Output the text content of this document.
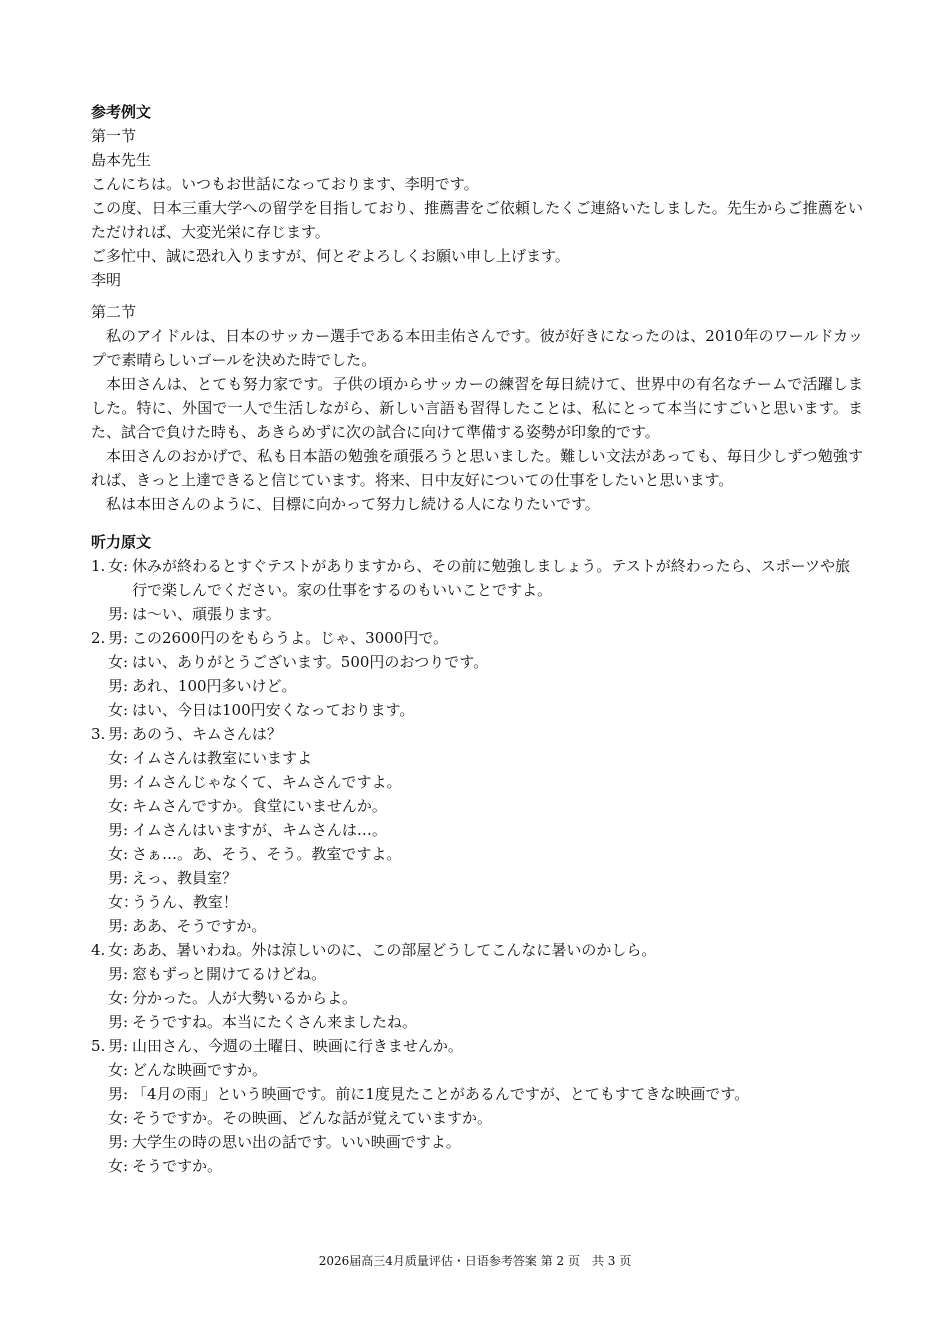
参考例文
第一节
島本先生
こんにちは。いつもお世話になっております、李明です。
この度、日本三重大学への留学を目指しており、推薦書をご依頼したくご連絡いたしました。先生からご推薦をいただければ、大変光栄に存じます。
ご多忙中、誠に恐れ入りますが、何とぞよろしくお願い申し上げます。
李明
第二节
私のアイドルは、日本のサッカー選手である本田圭佑さんです。彼が好きになったのは、2010年のワールドカップで素晴らしいゴールを決めた時でした。
本田さんは、とても努力家です。子供の頃からサッカーの練習を毎日続けて、世界中の有名なチームで活躍しました。特に、外国で一人で生活しながら、新しい言語も習得したことは、私にとって本当にすごいと思います。また、試合で負けた時も、あきらめずに次の試合に向けて準備する姿勢が印象的です。
本田さんのおかげで、私も日本語の勉強を頑張ろうと思いました。難しい文法があっても、毎日少しずつ勉強すれば、きっと上達できると信じています。将来、日中友好についての仕事をしたいと思います。
私は本田さんのように、目標に向かって努力し続ける人になりたいです。
听力原文
1. 女: 休みが終わるとすぐテストがありますから、その前に勉強しましょう。テストが終わったら、スポーツや旅行で楽しんでください。家の仕事をするのもいいことですよ。
男: は～い、頑張ります。
2. 男: この2600円のをもらうよ。じゃ、3000円で。
女: はい、ありがとうございます。500円のおつりです。
男: あれ、100円多いけど。
女: はい、今日は100円安くなっております。
3. 男: あのう、キムさんは？
女: イムさんは教室にいますよ
男: イムさんじゃなくて、キムさんですよ。
女: キムさんですか。食堂にいませんか。
男: イムさんはいますが、キムさんは…。
女: さぁ…。あ、そう、そう。教室ですよ。
男: えっ、教員室？
女：
ううん、教室！
男: ああ、そうですか。
4. 女: ああ、暑いわね。外は涼しいのに、この部屋どうしてこんなに暑いのかしら。
男: 窓もずっと開けてるけどね。
女: 分かった。人が大勢いるからよ。
男: そうですね。本当にたくさん来ましたね。
5. 男: 山田さん、今週の土曜日、映画に行きませんか。
女: どんな映画ですか。
男: 「4月の雨」という映画です。前に1度見たことがあるんですが、とてもすてきな映画です。
女: そうですか。その映画、どんな話が覚えていますか。
男: 大学生の時の思い出の話です。いい映画ですよ。
女: そうですか。
2026届高三4月质量评估・日语参考答案 第 2 页　共 3 页
